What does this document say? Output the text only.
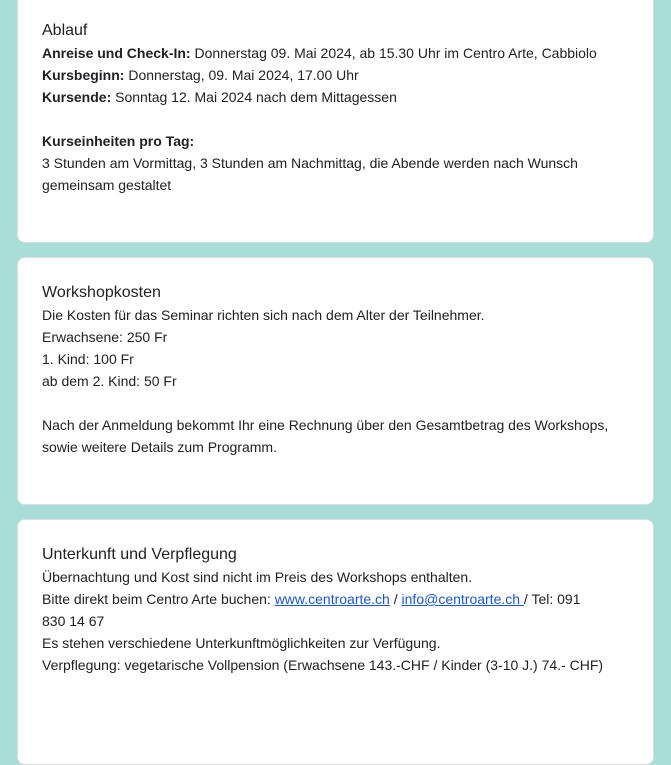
Ablauf

Anreise und Check-In: Donnerstag 09. Mai 2024, ab 15.30 Uhr im Centro Arte, Cabbiolo

Kursbeginn: Donnerstag, 09. Mai 2024, 17.00 Uhr

Kursende: Sonntag 12. Mai 2024 nach dem Mittagessen

Kurseinheiten pro Tag:

3 Stunden am Vormittag, 3 Stunden am Nachmittag, die Abende werden nach Wunsch

gemeinsam gestaltet

Workshopkosten

Die Kosten für das Seminar richten sich nach dem Alter der Teilnehmer.

Erwachsene: 250 Fr

1. Kind: 100 Fr

ab dem 2. Kind: 50 Fr

Nach der Anmeldung bekommt Ihr eine Rechnung über den Gesamtbetrag des Workshops,

sowie weitere Details zum Programm.

Unterkunft und Verpflegung

Übernachtung und Kost sind nicht im Preis des Workshops enthalten.

Bitte direkt beim Centro Arte buchen: www.centroarte.ch / info@centroarte.ch / Tel: 091

830 14 67

Es stehen verschiedene Unterkunftmöglichkeiten zur Verfügung.

Verpflegung: vegetarische Vollpension (Erwachsene 143.-CHF / Kinder (3-10 J.) 74.- CHF)
